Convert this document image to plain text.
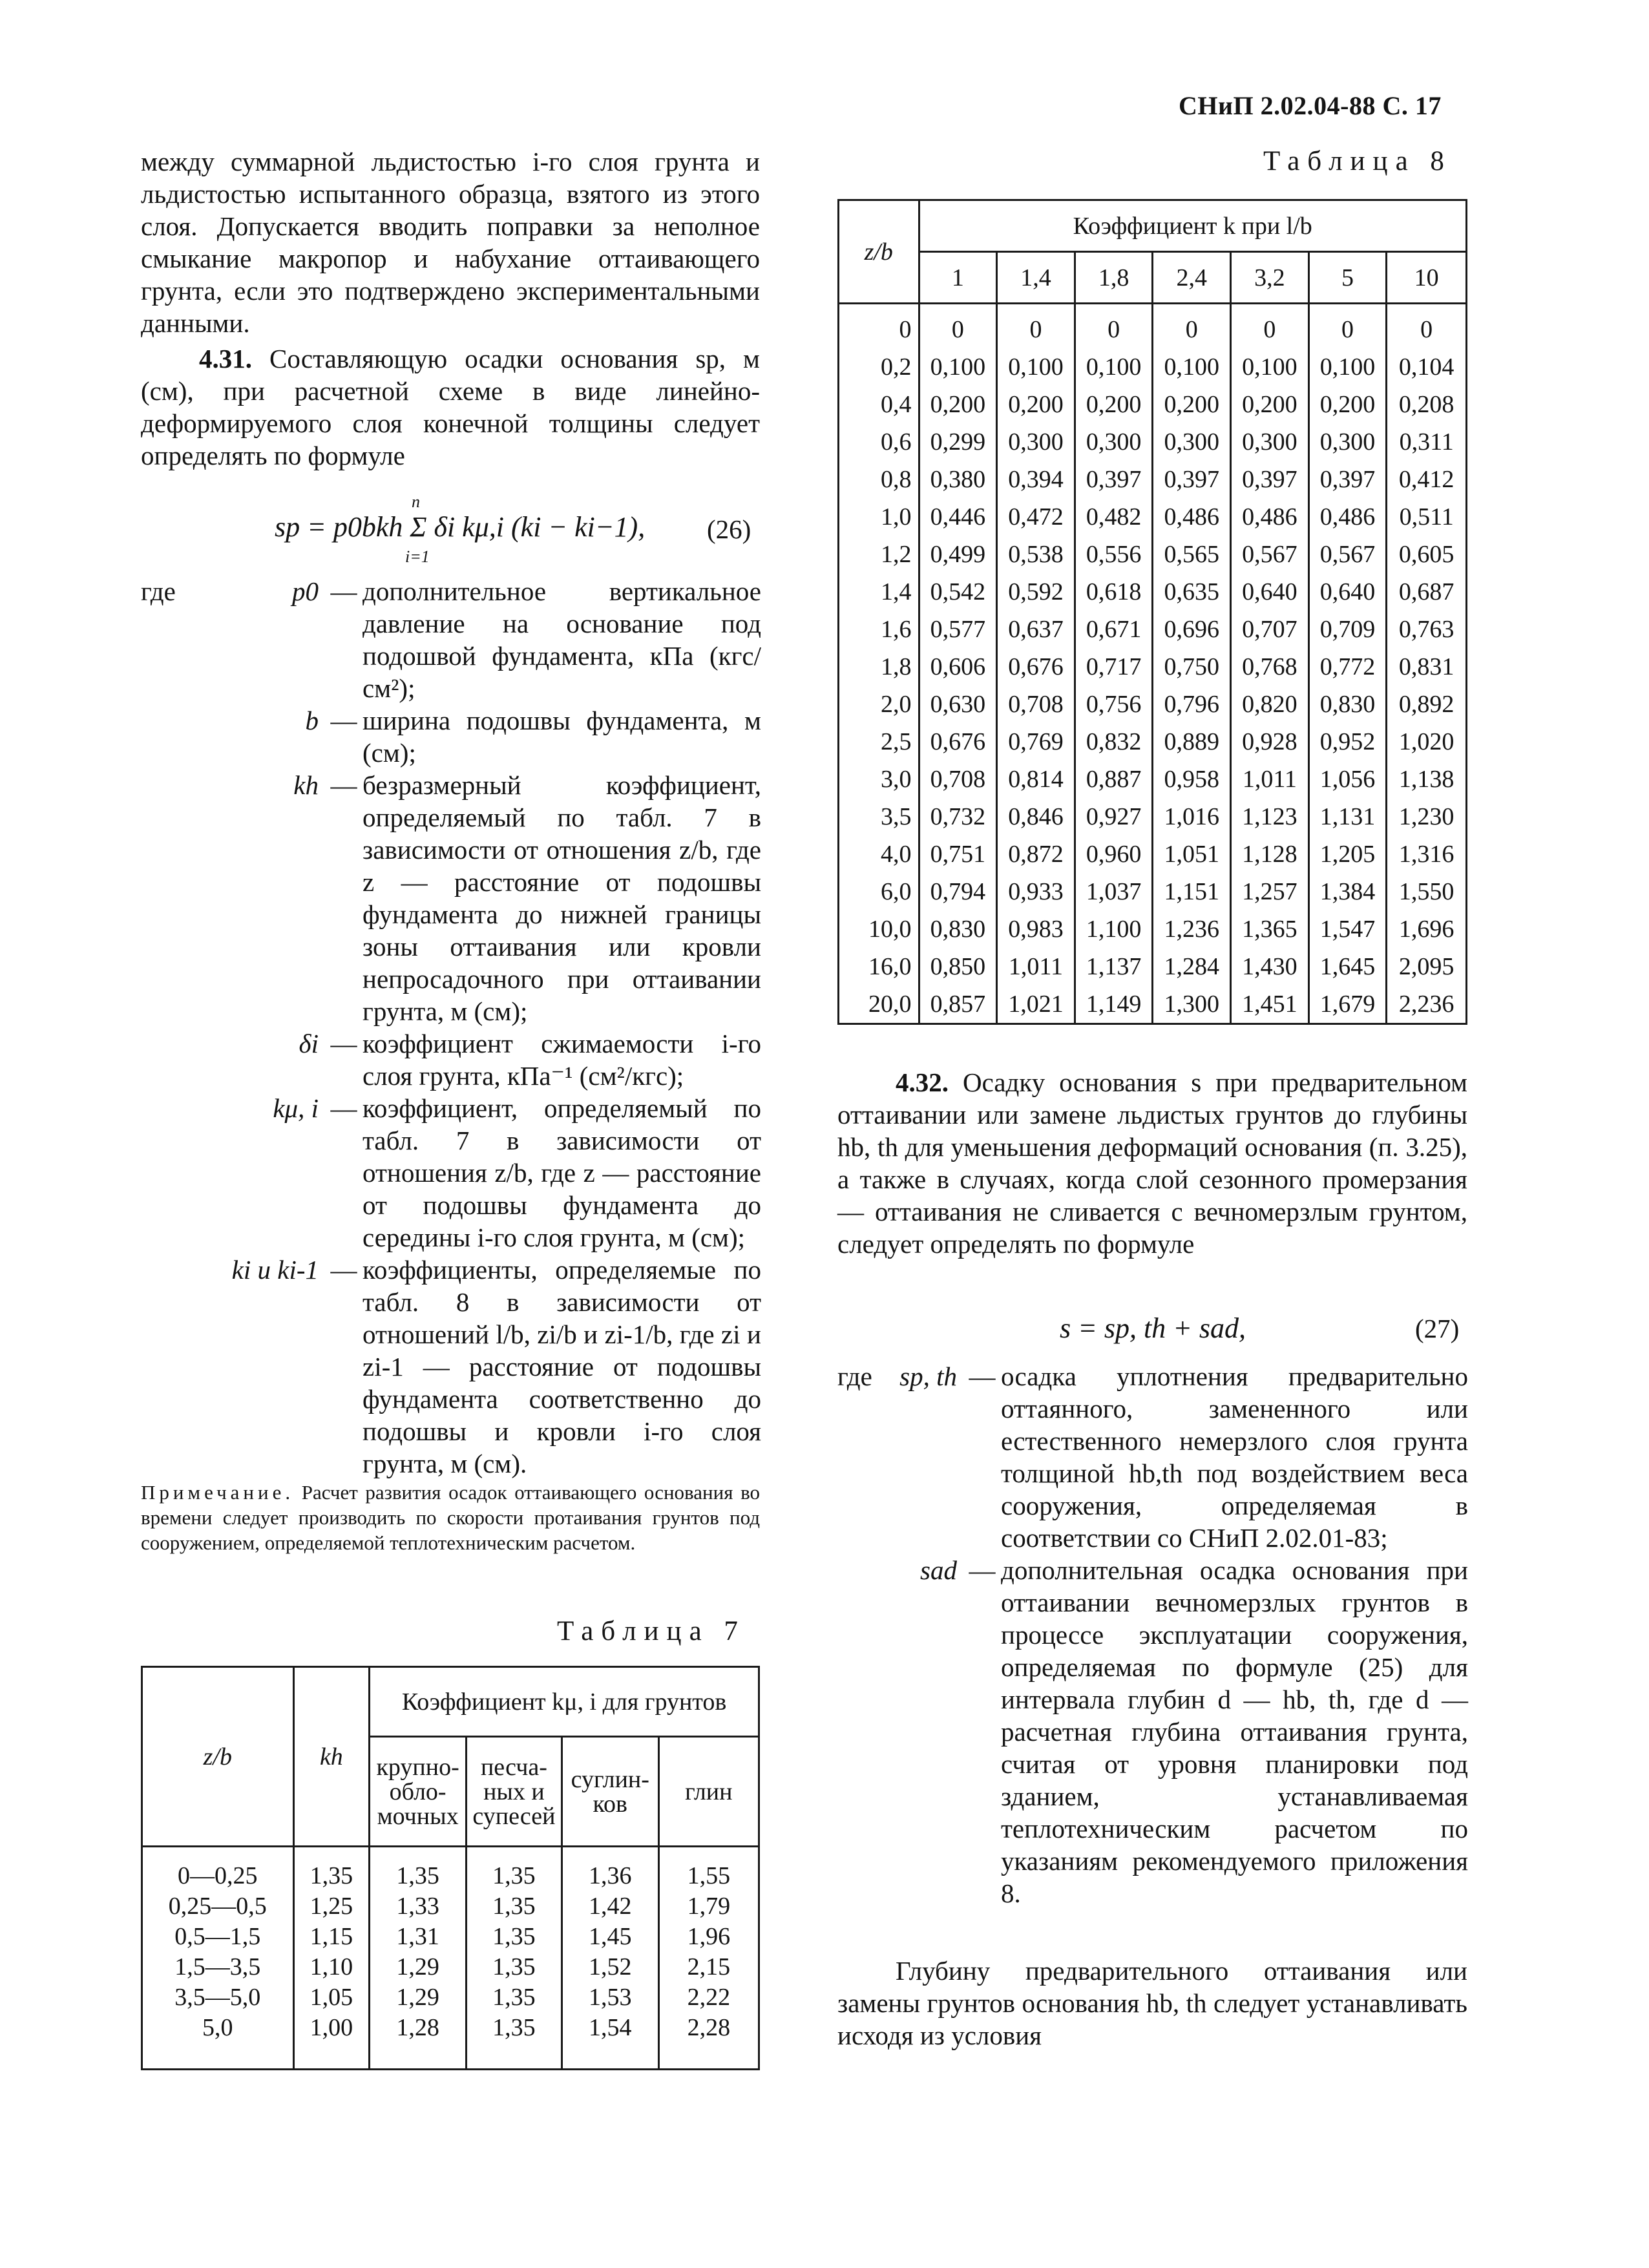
СНиП 2.02.04-88 С. 17

между суммарной льдистостью i-го слоя грунта и льдистостью испытанного образца, взятого из этого слоя. Допускается вводить поправки за неполное смыкание макропор и набухание оттаивающего грунта, если это подтверждено экспериментальными данными.

4.31. Составляющую осадки основания sp, м (см), при расчетной схеме в виде линейно-деформируемого слоя конечной толщины следует определять по формуле

sp = p0bkh Σ δi kμ,i (ki − ki−1),
n
i=1
(26)
где	p0 — дополнительное вертикальное давление на основание под подошвой фундамента, кПа (кгс/см²);
b — ширина подошвы фундамента, м (см);
kh — безразмерный коэффициент, определяемый по табл. 7 в зависимости от отношения z/b, где z — расстояние от подошвы фундамента до нижней границы зоны оттаивания или кровли непросадочного при оттаивании грунта, м (см);
δi — коэффициент сжимаемости i-го слоя грунта, кПа⁻¹ (см²/кгс);
kμ, i — коэффициент, определяемый по табл. 7 в зависимости от отношения z/b, где z — расстояние от подошвы фундамента до середины i-го слоя грунта, м (см);
ki и ki-1 — коэффициенты, определяемые по табл. 8 в зависимости от отношений l/b, zi/b и zi-1/b, где zi и zi-1 — расстояние от подошвы фундамента соответственно до подошвы и кровли i-го слоя грунта, м (см).
Примечание. Расчет развития осадок оттаивающего основания во времени следует производить по скорости протаивания грунтов под сооружением, определяемой теплотехническим расчетом.
Таблица 7
z/b	kh	Коэффициент kμ, i для грунтов			
		крупно-обло-мочных	песча-ных и супесей	суглин-ков	глин
0—0,25	1,35	1,35	1,35	1,36	1,55
0,25—0,5	1,25	1,33	1,35	1,42	1,79
0,5—1,5	1,15	1,31	1,35	1,45	1,96
1,5—3,5	1,10	1,29	1,35	1,52	2,15
3,5—5,0	1,05	1,29	1,35	1,53	2,22
5,0	1,00	1,28	1,35	1,54	2,28
Таблица 8
z/b	Коэффициент k при l/b						
	1	1,4	1,8	2,4	3,2	5	10
0	0	0	0	0	0	0	0
0,2	0,100	0,100	0,100	0,100	0,100	0,100	0,104
0,4	0,200	0,200	0,200	0,200	0,200	0,200	0,208
0,6	0,299	0,300	0,300	0,300	0,300	0,300	0,311
0,8	0,380	0,394	0,397	0,397	0,397	0,397	0,412
1,0	0,446	0,472	0,482	0,486	0,486	0,486	0,511
1,2	0,499	0,538	0,556	0,565	0,567	0,567	0,605
1,4	0,542	0,592	0,618	0,635	0,640	0,640	0,687
1,6	0,577	0,637	0,671	0,696	0,707	0,709	0,763
1,8	0,606	0,676	0,717	0,750	0,768	0,772	0,831
2,0	0,630	0,708	0,756	0,796	0,820	0,830	0,892
2,5	0,676	0,769	0,832	0,889	0,928	0,952	1,020
3,0	0,708	0,814	0,887	0,958	1,011	1,056	1,138
3,5	0,732	0,846	0,927	1,016	1,123	1,131	1,230
4,0	0,751	0,872	0,960	1,051	1,128	1,205	1,316
6,0	0,794	0,933	1,037	1,151	1,257	1,384	1,550
10,0	0,830	0,983	1,100	1,236	1,365	1,547	1,696
16,0	0,850	1,011	1,137	1,284	1,430	1,645	2,095
20,0	0,857	1,021	1,149	1,300	1,451	1,679	2,236

4.32. Осадку основания s при предварительном оттаивании или замене льдистых грунтов до глубины hb, th для уменьшения деформаций основания (п. 3.25), а также в случаях, когда слой сезонного промерзания — оттаивания не сливается с вечномерзлым грунтом, следует определять по формуле

s = sp, th + sad,	(27)
где	sp, th — осадка уплотнения предварительно оттаянного, замененного или естественного немерзлого слоя грунта толщиной hb,th под воздействием веса сооружения, определяемая в соответствии со СНиП 2.02.01-83;
sad — дополнительная осадка основания при оттаивании вечномерзлых грунтов в процессе эксплуатации сооружения, определяемая по формуле (25) для интервала глубин d — hb, th, где d — расчетная глубина оттаивания грунта, считая от уровня планировки под зданием, устанавливаемая теплотехническим расчетом по указаниям рекомендуемого приложения 8.

Глубину предварительного оттаивания или замены грунтов основания hb, th следует устанавливать исходя из условия
